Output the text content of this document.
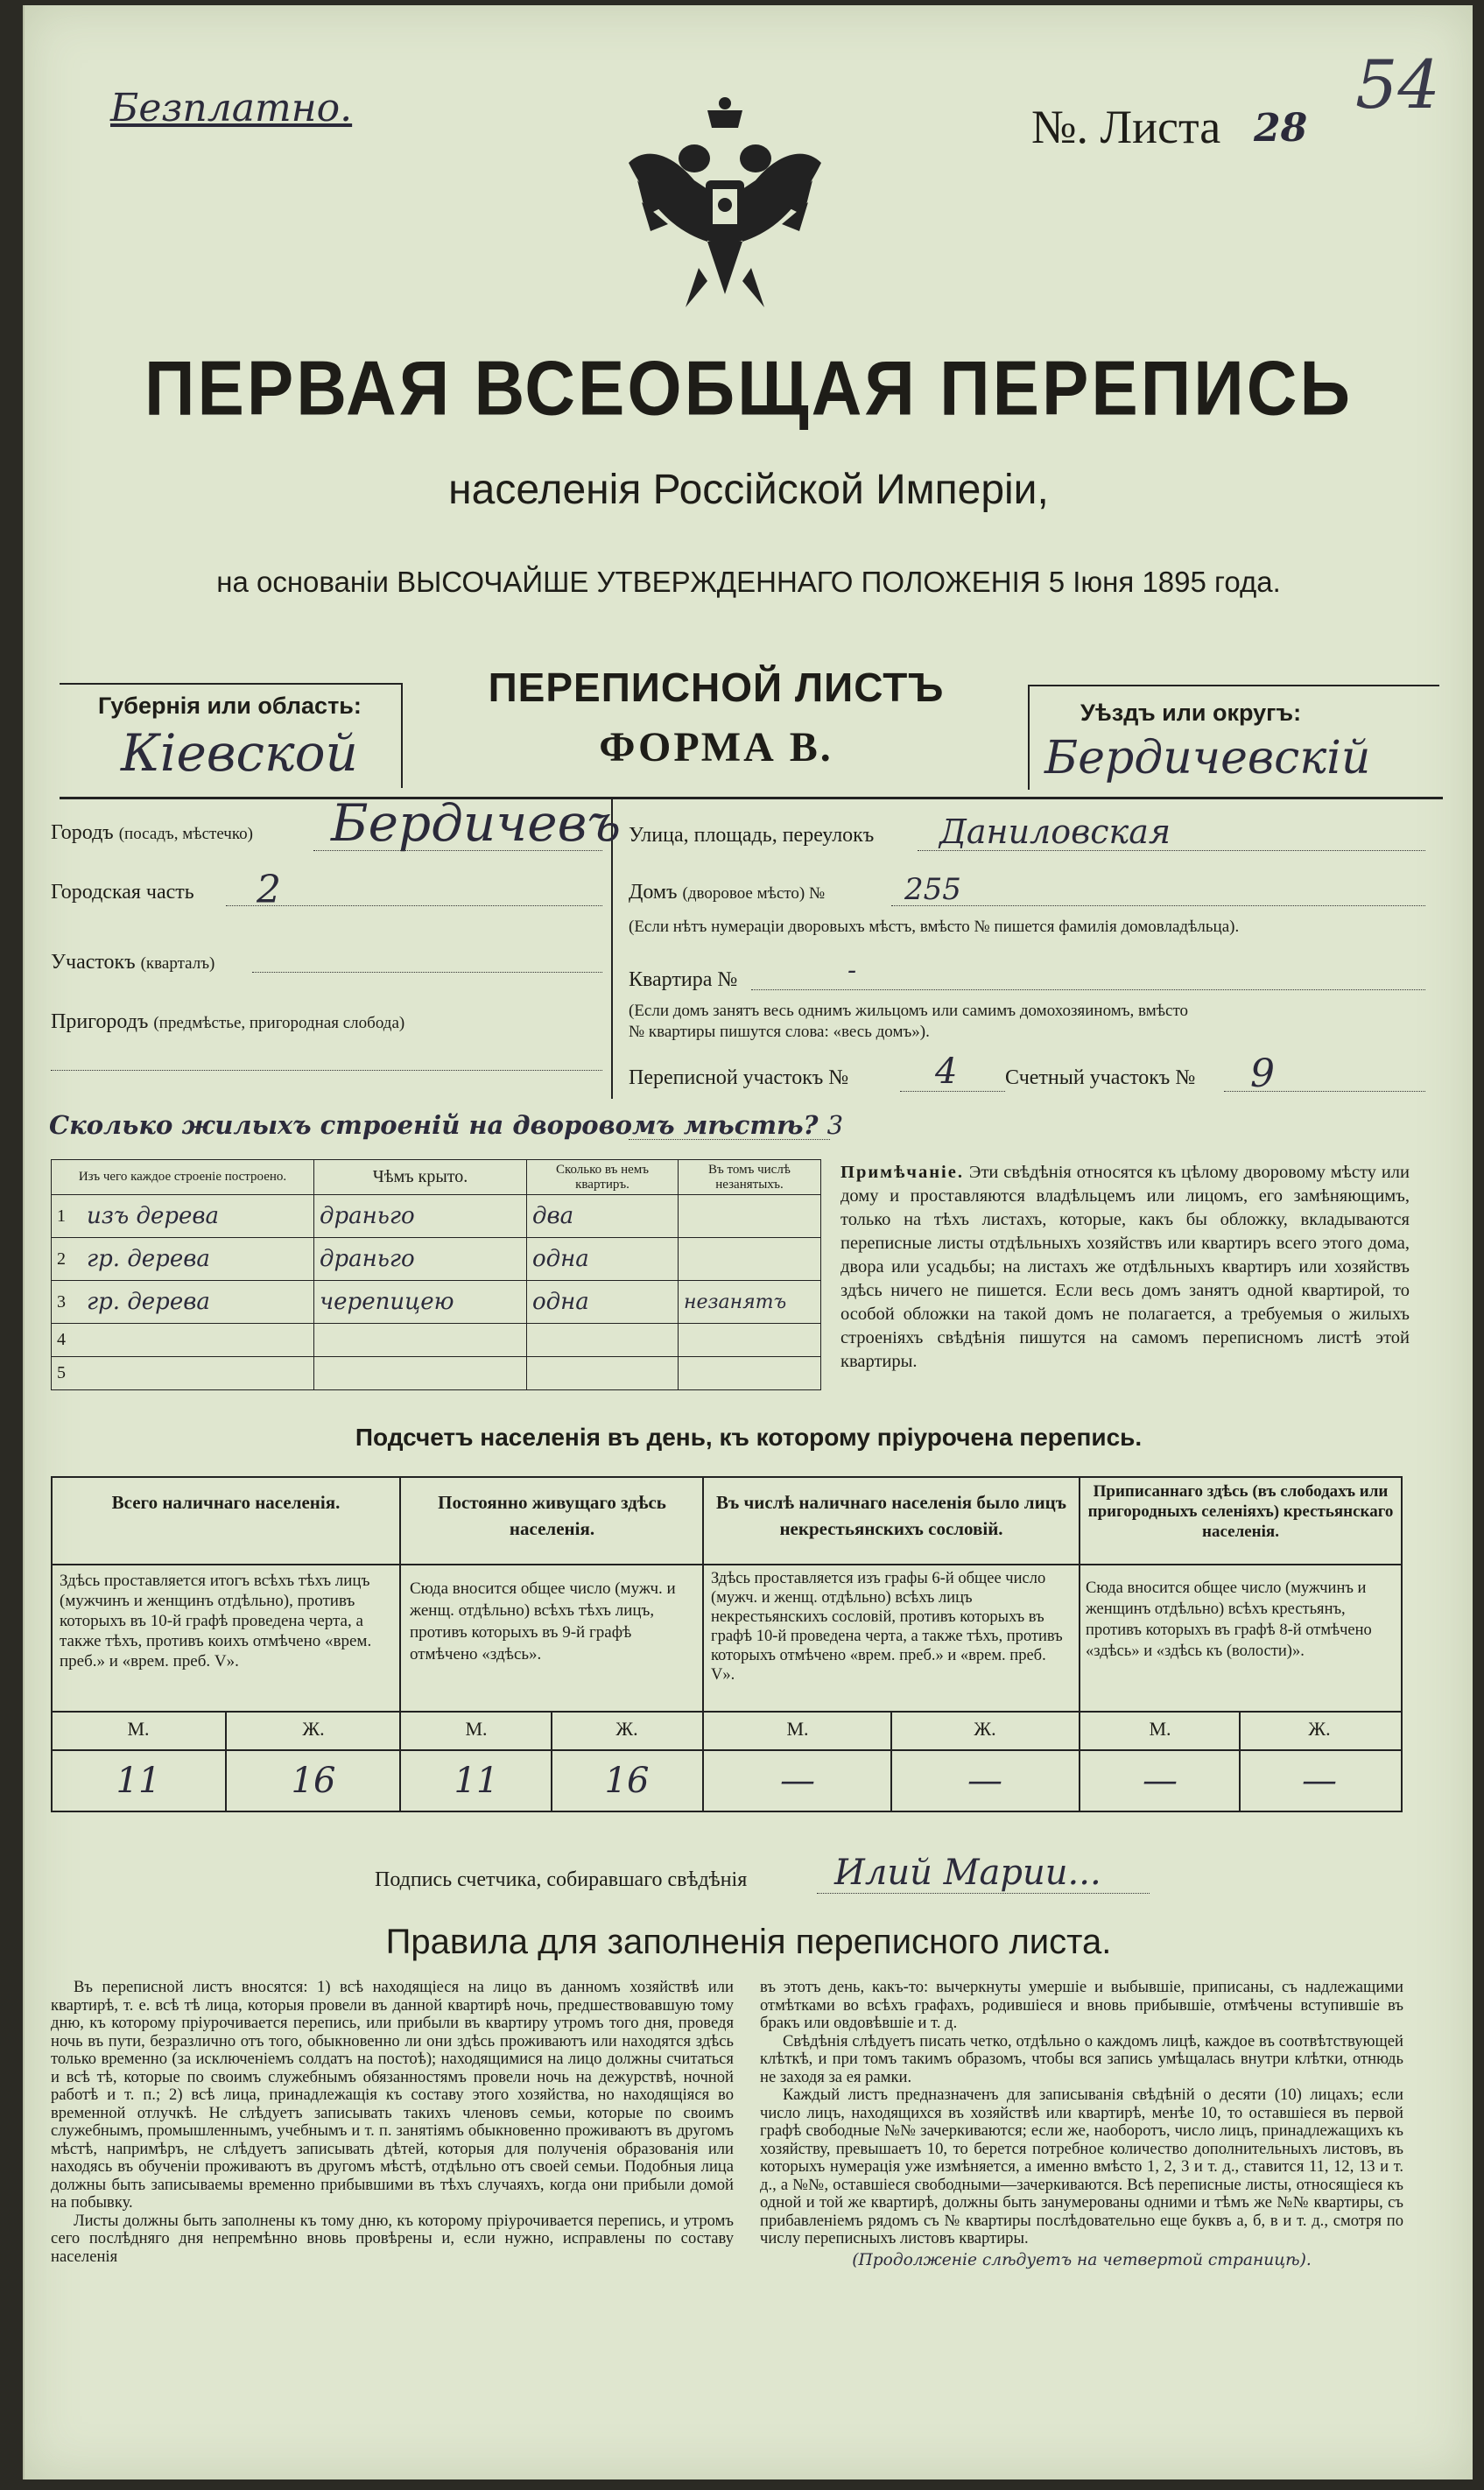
Безплатно.	№. Листа 28
54
ПЕРВАЯ ВСЕОБЩАЯ ПЕРЕПИСЬ
населенія Россійской Имперіи,
на основаніи ВЫСОЧАЙШЕ УТВЕРЖДЕННАГО ПОЛОЖЕНІЯ 5 Іюня 1895 года.
Губернія или область:
Кіевской
ПЕРЕПИСНОЙ ЛИСТЪ
ФОРМА В.
Уѣздъ или округъ:
Бердичевскій
Городъ (посадъ, мѣстечко) Бердичевъ
Городская часть 2
Участокъ (кварталъ)
Пригородъ (предмѣстье, пригородная слобода)
Улица, площадь, переулокъ Даниловская
Домъ (дворовое мѣсто) №	255
(Если нѣтъ нумераціи дворовыхъ мѣстъ, вмѣсто № пишется фамилія домовладѣльца).
Квартира №	-
(Если домъ занятъ весь однимъ жильцомъ или самимъ домохозяиномъ, вмѣсто
№ квартиры пишутся слова: «весь домъ»).
Переписной участокъ № 4 Счетный участокъ № 9
Сколько жилыхъ строеній на дворовомъ мѣстѣ? 3
Изъ чего каждое строеніе построено.		Чѣмъ крыто.	Сколько въ немъ квартиръ.	Въ томъ числѣ незанятыхъ.
1	изъ дерева	драньго	два	
2	гр. дерева	драньго	одна	
3	гр. дерева	черепицею	одна	незанятъ
4				
5				
Примѣчаніе. Эти свѣдѣнія относятся къ цѣлому дворовому мѣсту или дому и проставляются владѣльцемъ или лицомъ, его замѣняющимъ, только на тѣхъ листахъ, которые, какъ бы обложку, вкладываются переписные листы отдѣльныхъ хозяйствъ или квартиръ всего этого дома, двора или усадьбы; на листахъ же отдѣльныхъ квартиръ или хозяйствъ здѣсь ничего не пишется. Если весь домъ занятъ одной квартирой, то особой обложки на такой домъ не полагается, а требуемыя о жилыхъ строеніяхъ свѣдѣнія пишутся на самомъ переписномъ листѣ этой квартиры.
Подсчетъ населенія въ день, къ которому пріурочена перепись.
Всего наличнаго населенія.
Здѣсь проставляется итогъ всѣхъ тѣхъ лицъ (мужчинъ и женщинъ отдѣльно), противъ которыхъ въ 10-й графѣ проведена черта, а также тѣхъ, противъ коихъ отмѣчено «врем. преб.» и «врем. преб. V».
М.	Ж.
11	16
Постоянно живущаго здѣсь населенія.
Сюда вносится общее число (мужч. и женщ. отдѣльно) всѣхъ тѣхъ лицъ, противъ которыхъ въ 9-й графѣ отмѣчено «здѣсь».
М.	Ж.
11	16
Въ числѣ наличнаго населенія было лицъ некрестьянскихъ сословій.
Здѣсь проставляется изъ графы 6-й общее число (мужч. и женщ. отдѣльно) всѣхъ лицъ некрестьянскихъ сословій, противъ которыхъ въ графѣ 10-й проведена черта, а также тѣхъ, противъ которыхъ отмѣчено «врем. преб.» и «врем. преб. V».
М.	Ж.
—	—
Приписаннаго здѣсь (въ слободахъ или пригородныхъ селеніяхъ) крестьянскаго населенія.
Сюда вносится общее число (мужчинъ и женщинъ отдѣльно) всѣхъ крестьянъ, противъ которыхъ въ графѣ 8-й отмѣчено «здѣсь» и «здѣсь къ (волости)».
М.	Ж.
—	—
Подпись счетчика, собиравшаго свѣдѣнія Илий Марии...
Правила для заполненія переписного листа.

Въ переписной листъ вносятся: 1) всѣ находящіеся на лицо въ данномъ хозяйствѣ или квартирѣ, т. е. всѣ тѣ лица, которыя провели въ данной квартирѣ ночь, предшествовавшую тому дню, къ которому пріурочивается перепись, или прибыли въ квартиру утромъ того дня, проведя ночь въ пути, безразлично отъ того, обыкновенно ли они здѣсь проживаютъ или находятся здѣсь только временно (за исключеніемъ солдатъ на постоѣ); находящимися на лицо должны считаться и всѣ тѣ, которые по своимъ служебнымъ обязанностямъ провели ночь на дежурствѣ, ночной работѣ и т. п.; 2) всѣ лица, принадлежащія къ составу этого хозяйства, но находящіяся во временной отлучкѣ. Не слѣдуетъ записывать такихъ членовъ семьи, которые по своимъ служебнымъ, промышленнымъ, учебнымъ и т. п. занятіямъ обыкновенно проживаютъ въ другомъ мѣстѣ, напримѣръ, не слѣдуетъ записывать дѣтей, которыя для полученія образованія или находясь въ обученіи проживаютъ въ другомъ мѣстѣ, отдѣльно отъ своей семьи. Подобныя лица должны быть записываемы временно прибывшими въ тѣхъ случаяхъ, когда они прибыли домой на побывку.

Листы должны быть заполнены къ тому дню, къ которому пріурочивается перепись, и утромъ сего послѣдняго дня непремѣнно вновь провѣрены и, если нужно, исправлены по составу населенія

въ этотъ день, какъ-то: вычеркнуты умершіе и выбывшіе, приписаны, съ надлежащими отмѣтками во всѣхъ графахъ, родившіеся и вновь прибывшіе, отмѣчены вступившіе въ бракъ или овдовѣвшіе и т. д.

Свѣдѣнія слѣдуетъ писать четко, отдѣльно о каждомъ лицѣ, каждое въ соотвѣтствующей клѣткѣ, и при томъ такимъ образомъ, чтобы вся запись умѣщалась внутри клѣтки, отнюдь не заходя за ея рамки.

Каждый листъ предназначенъ для записыванія свѣдѣній о десяти (10) лицахъ; если число лицъ, находящихся въ хозяйствѣ или квартирѣ, менѣе 10, то оставшіеся въ первой графѣ свободные №№ зачеркиваются; если же, наоборотъ, число лицъ, принадлежащихъ къ хозяйству, превышаетъ 10, то берется потребное количество дополнительныхъ листовъ, въ которыхъ нумерація уже измѣняется, а именно вмѣсто 1, 2, 3 и т. д., ставится 11, 12, 13 и т. д., а №№, оставшіеся свободными—зачеркиваются. Всѣ переписные листы, относящіеся къ одной и той же квартирѣ, должны быть занумерованы одними и тѣмъ же №№ квартиры, съ прибавленіемъ рядомъ съ № квартиры послѣдовательно еще буквъ а, б, в и т. д., смотря по числу переписныхъ листовъ квартиры.

(Продолженіе слѣдуетъ на четвертой страницѣ).
